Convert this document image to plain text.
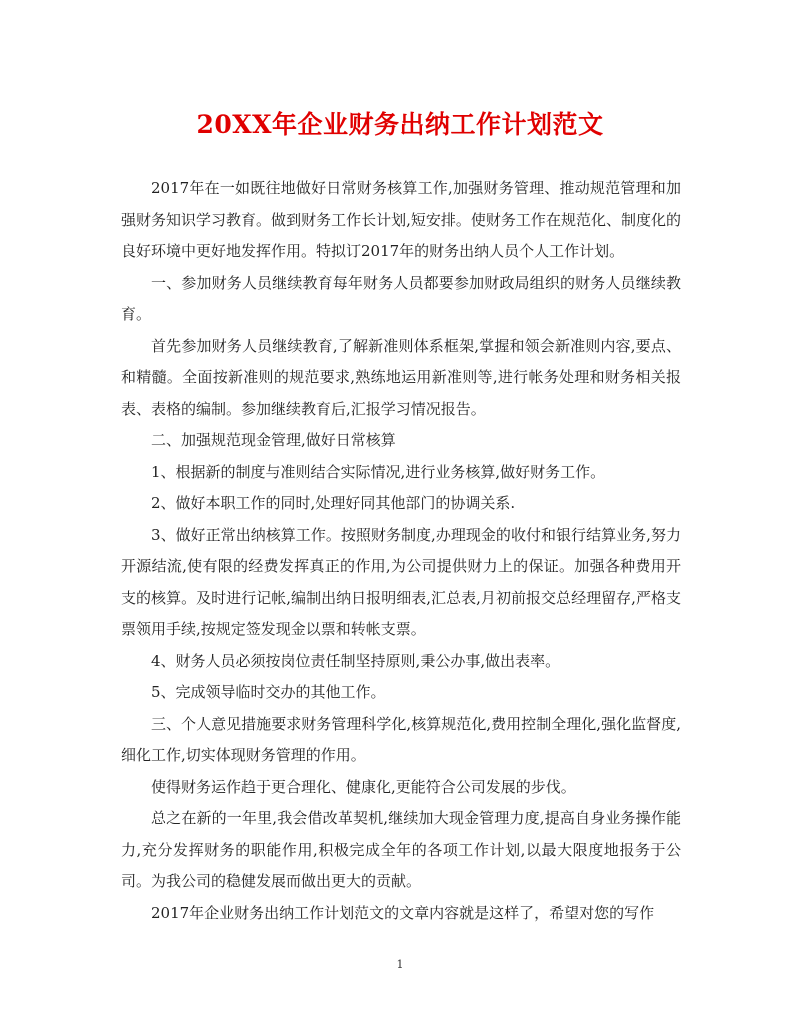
20XX年企业财务出纳工作计划范文

2017年在一如既往地做好日常财务核算工作,加强财务管理、推动规范管理和加强财务知识学习教育。做到财务工作长计划,短安排。使财务工作在规范化、制度化的良好环境中更好地发挥作用。特拟订2017年的财务出纳人员个人工作计划。

一、参加财务人员继续教育每年财务人员都要参加财政局组织的财务人员继续教育。

首先参加财务人员继续教育,了解新准则体系框架,掌握和领会新准则内容,要点、和精髓。全面按新准则的规范要求,熟练地运用新准则等,进行帐务处理和财务相关报表、表格的编制。参加继续教育后,汇报学习情况报告。

二、加强规范现金管理,做好日常核算

1、根据新的制度与准则结合实际情况,进行业务核算,做好财务工作。

2、做好本职工作的同时,处理好同其他部门的协调关系.

3、做好正常出纳核算工作。按照财务制度,办理现金的收付和银行结算业务,努力开源结流,使有限的经费发挥真正的作用,为公司提供财力上的保证。加强各种费用开支的核算。及时进行记帐,编制出纳日报明细表,汇总表,月初前报交总经理留存,严格支票领用手续,按规定签发现金以票和转帐支票。

4、财务人员必须按岗位责任制坚持原则,秉公办事,做出表率。

5、完成领导临时交办的其他工作。

三、个人意见措施要求财务管理科学化,核算规范化,费用控制全理化,强化监督度,细化工作,切实体现财务管理的作用。

使得财务运作趋于更合理化、健康化,更能符合公司发展的步伐。

总之在新的一年里,我会借改革契机,继续加大现金管理力度,提高自身业务操作能力,充分发挥财务的职能作用,积极完成全年的各项工作计划,以最大限度地报务于公司。为我公司的稳健发展而做出更大的贡献。

2017年企业财务出纳工作计划范文的文章内容就是这样了，希望对您的写作

1
